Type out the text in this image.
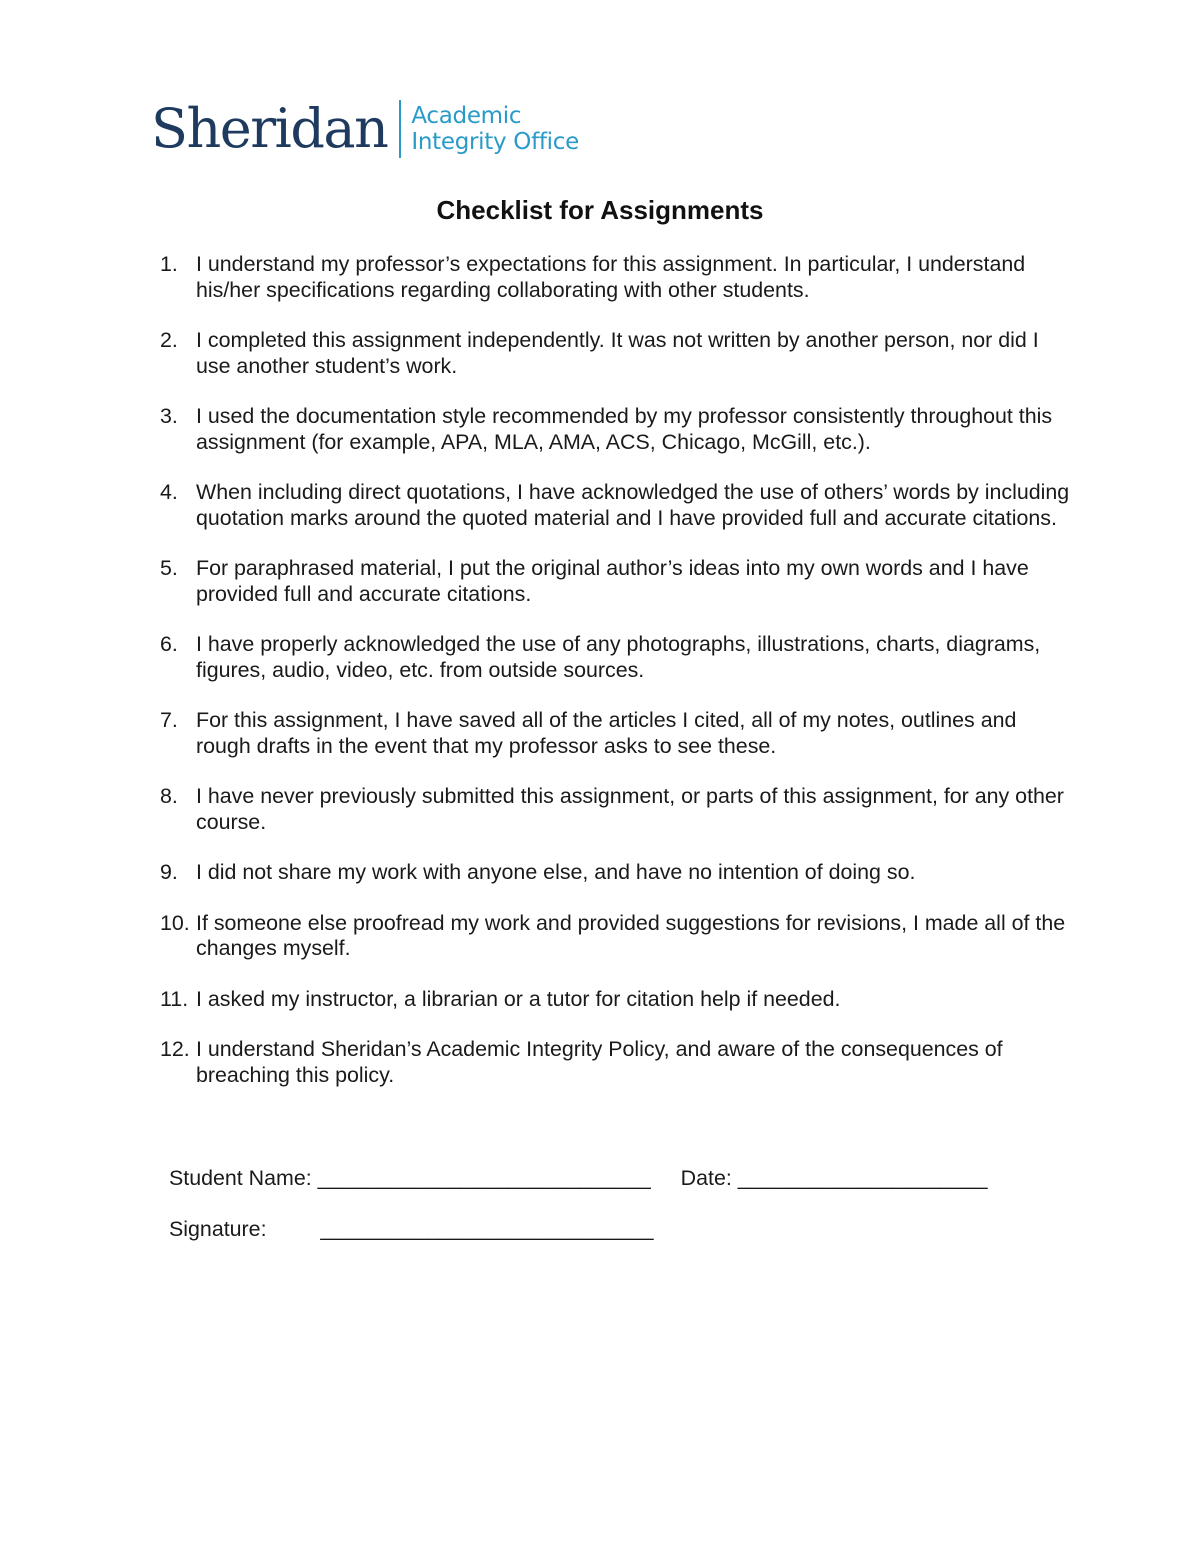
Sheridan Academic
Integrity Office
Checklist for Assignments
1. I understand my professor’s expectations for this assignment. In particular, I understand his/her specifications regarding collaborating with other students.
2. I completed this assignment independently. It was not written by another person, nor did I use another student’s work.
3. I used the documentation style recommended by my professor consistently throughout this assignment (for example, APA, MLA, AMA, ACS, Chicago, McGill, etc.).
4. When including direct quotations, I have acknowledged the use of others’ words by including quotation marks around the quoted material and I have provided full and accurate citations.
5. For paraphrased material, I put the original author’s ideas into my own words and I have provided full and accurate citations.
6. I have properly acknowledged the use of any photographs, illustrations, charts, diagrams, figures, audio, video, etc. from outside sources.
7. For this assignment, I have saved all of the articles I cited, all of my notes, outlines and rough drafts in the event that my professor asks to see these.
8. I have never previously submitted this assignment, or parts of this assignment, for any other course.
9. I did not share my work with anyone else, and have no intention of doing so.
10. If someone else proofread my work and provided suggestions for revisions, I made all of the changes myself.
11. I asked my instructor, a librarian or a tutor for citation help if needed.
12. I understand Sheridan’s Academic Integrity Policy, and aware of the consequences of breaching this policy.
Student Name: ____________________________ Date: _____________________
Signature:	____________________________
